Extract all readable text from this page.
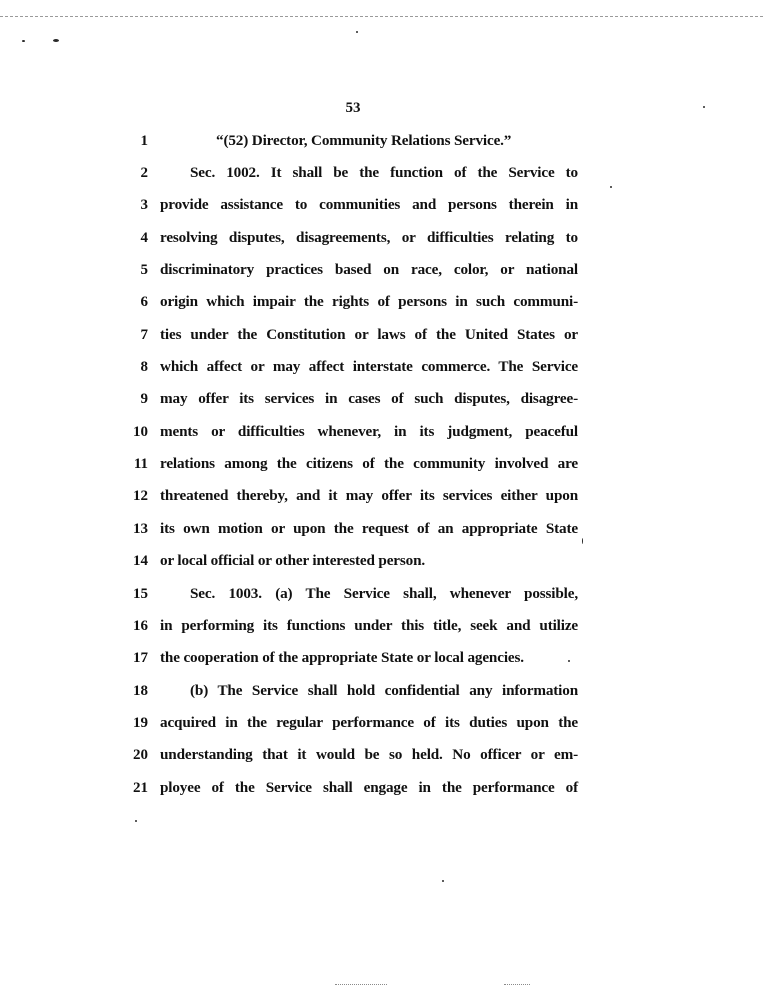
53
1	“(52) Director, Community Relations Service.”
2	Sec. 1002. It shall be the function of the Service to
3 provide assistance to communities and persons therein in
4 resolving disputes, disagreements, or difficulties relating to
5 discriminatory practices based on race, color, or national
6 origin which impair the rights of persons in such communi-
7 ties under the Constitution or laws of the United States or
8 which affect or may affect interstate commerce. The Service
9 may offer its services in cases of such disputes, disagree-
10 ments or difficulties whenever, in its judgment, peaceful
11 relations among the citizens of the community involved are
12 threatened thereby, and it may offer its services either upon
13 its own motion or upon the request of an appropriate State
14 or local official or other interested person.
15	Sec. 1003. (a) The Service shall, whenever possible,
16 in performing its functions under this title, seek and utilize
17 the cooperation of the appropriate State or local agencies.
18	(b) The Service shall hold confidential any information
19 acquired in the regular performance of its duties upon the
20 understanding that it would be so held. No officer or em-
21 ployee of the Service shall engage in the performance of
